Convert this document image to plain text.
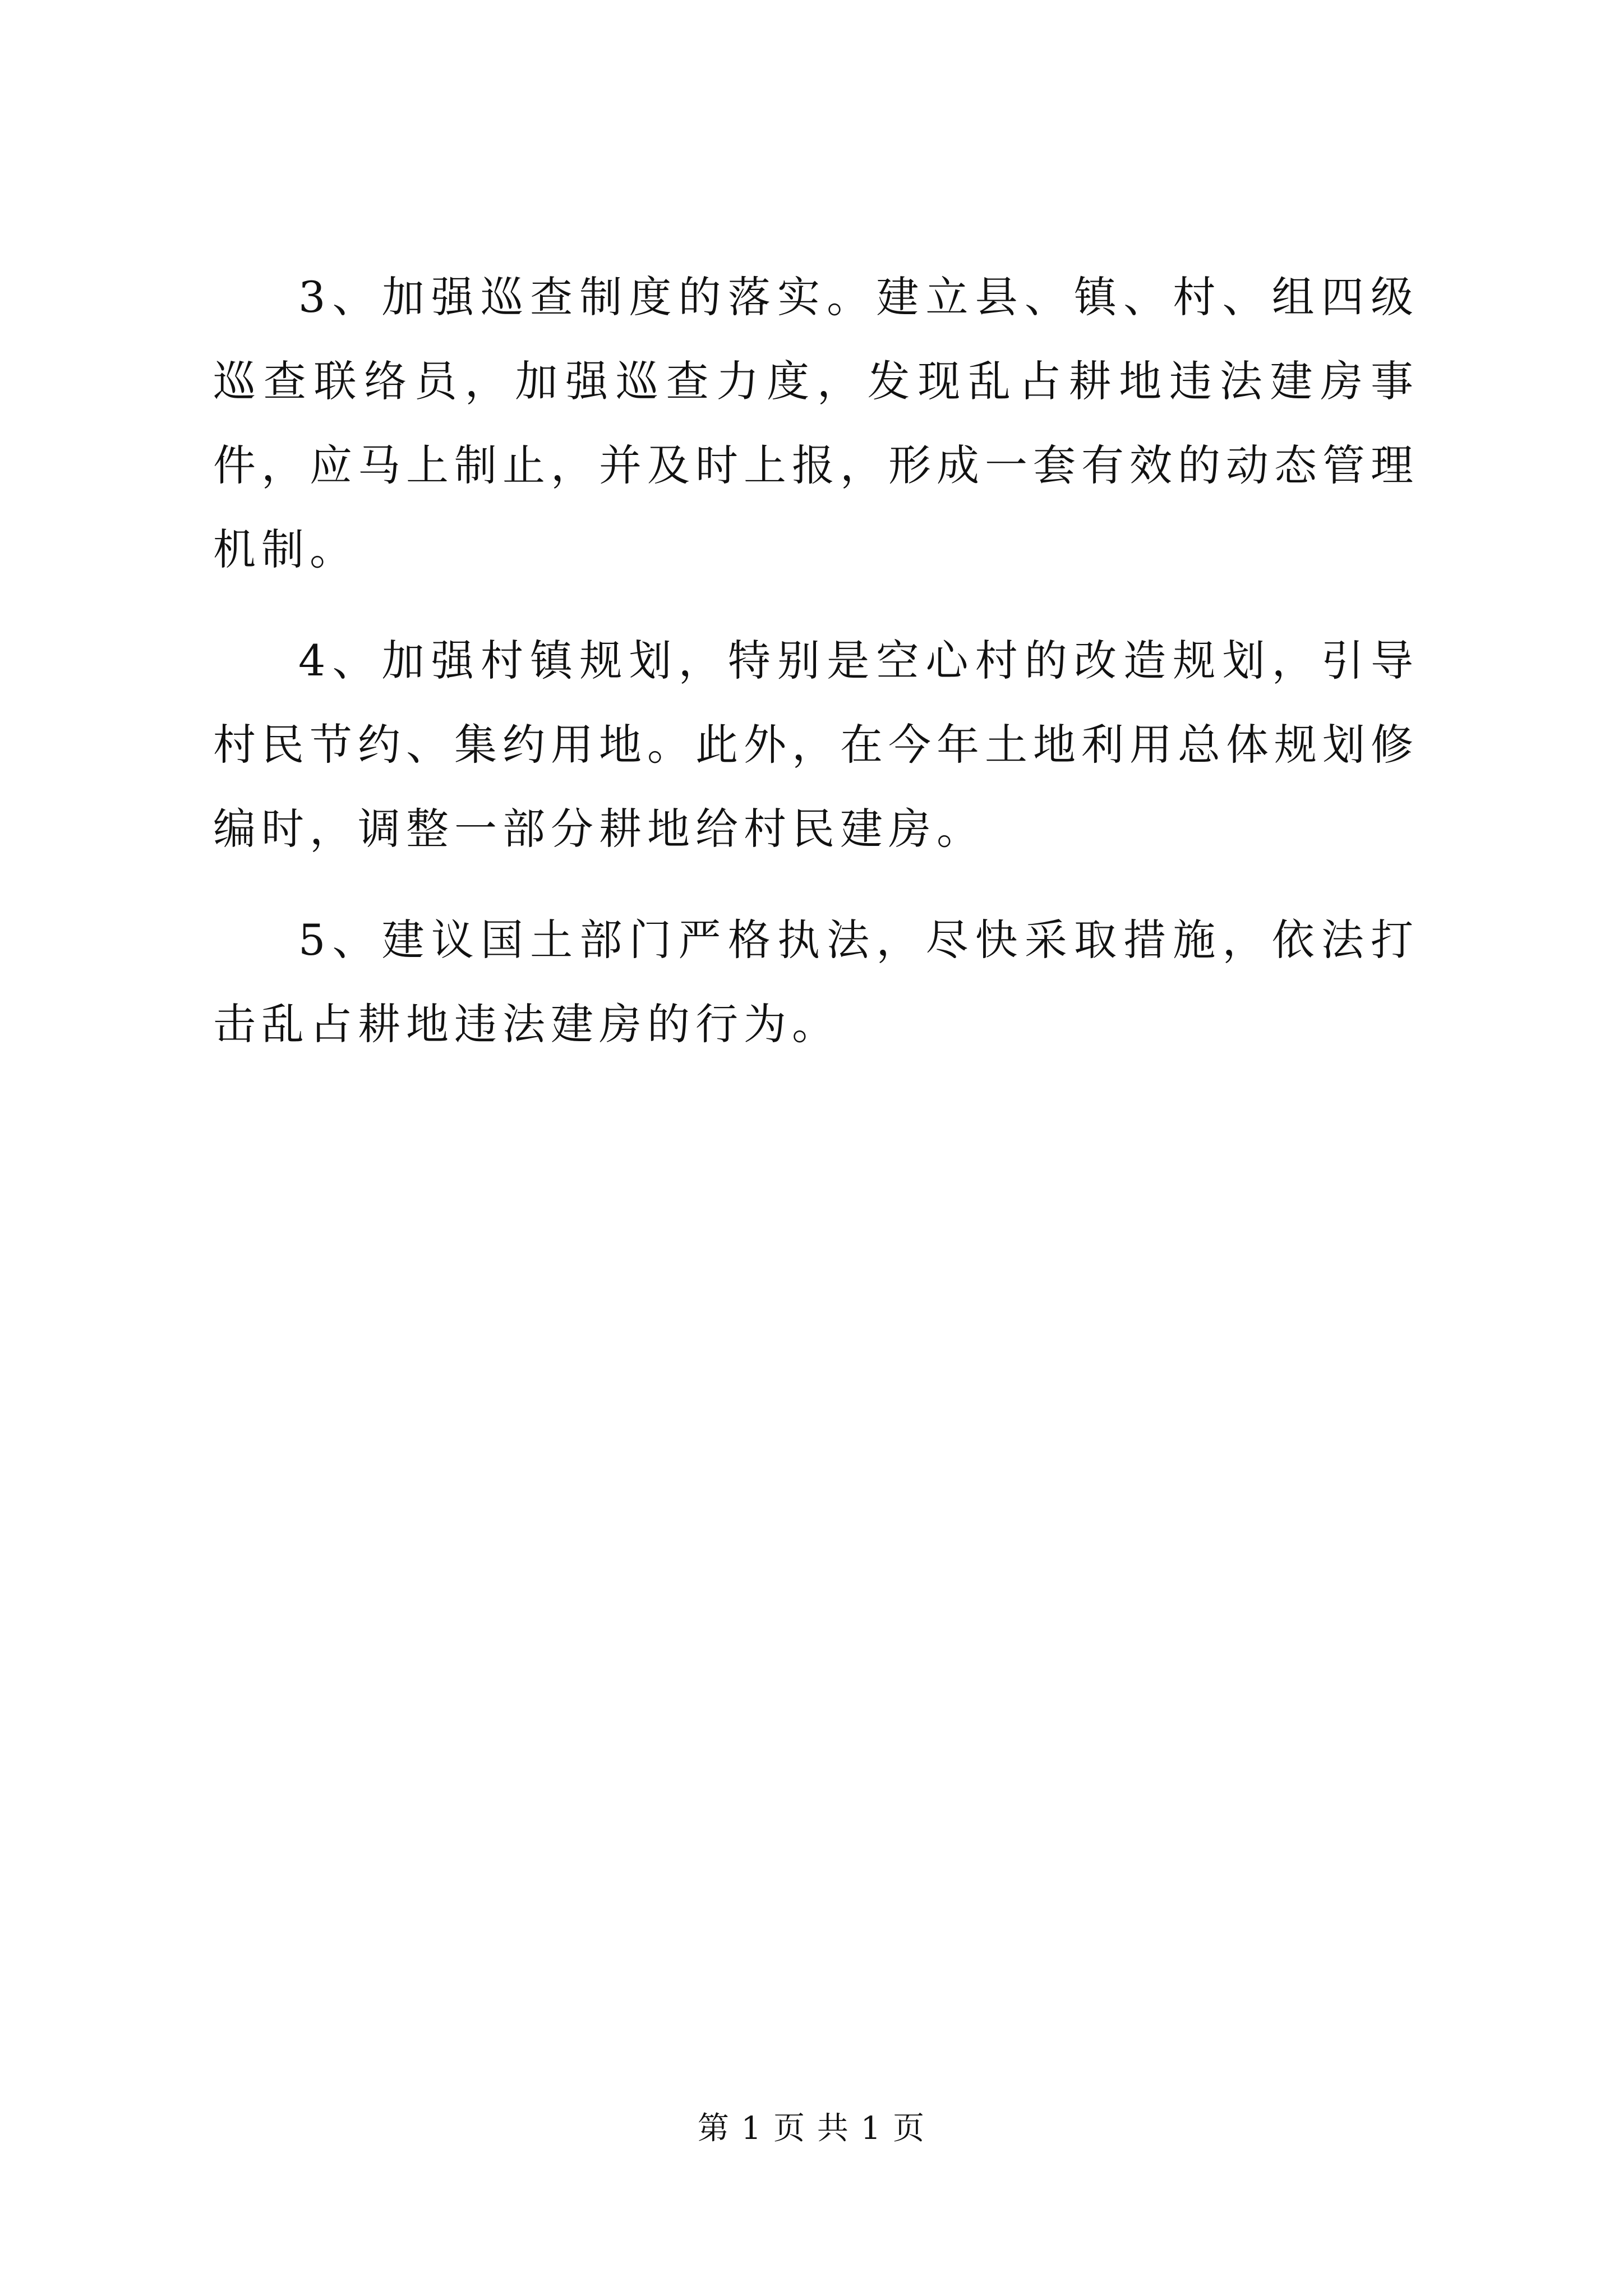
3、加强巡查制度的落实。建立县、镇、村、组四级巡查联络员，加强巡查力度，发现乱占耕地违法建房事件，应马上制止，并及时上报，形成一套有效的动态管理机制。

4、加强村镇规划，特别是空心村的改造规划，引导村民节约、集约用地。此外，在今年土地利用总体规划修编时，调整一部分耕地给村民建房。

5、建议国土部门严格执法，尽快采取措施，依法打击乱占耕地违法建房的行为。

第 1 页 共 1 页
